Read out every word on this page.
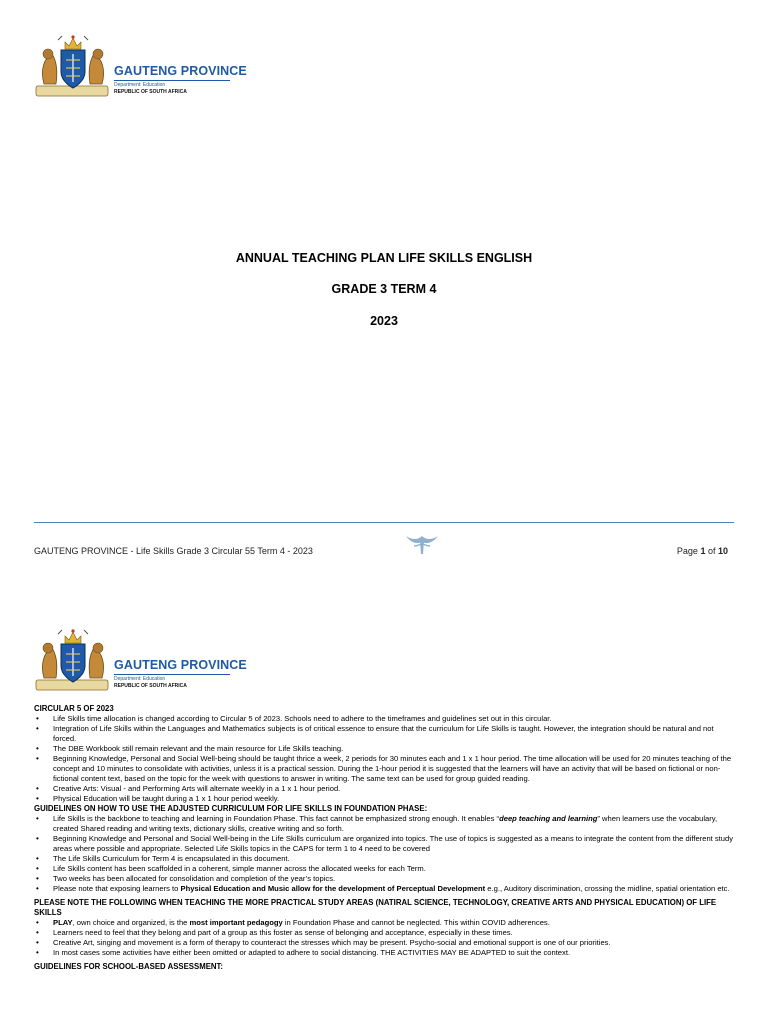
GAUTENG PROVINCE
Department: Education
REPUBLIC OF SOUTH AFRICA
ANNUAL TEACHING PLAN LIFE SKILLS ENGLISH
GRADE 3 TERM 4
2023
GAUTENG PROVINCE - Life Skills Grade 3 Circular 55 Term 4 - 2023	Page 1 of 10
GAUTENG PROVINCE
Department: Education
REPUBLIC OF SOUTH AFRICA

CIRCULAR 5 OF 2023

• Life Skills time allocation is changed according to Circular 5 of 2023. Schools need to adhere to the timeframes and guidelines set out in this circular.
• Integration of Life Skills within the Languages and Mathematics subjects is of critical essence to ensure that the curriculum for Life Skills is taught. However, the integration should be natural and not forced.
• The DBE Workbook still remain relevant and the main resource for Life Skills teaching.
• Beginning Knowledge, Personal and Social Well-being should be taught thrice a week, 2 periods for 30 minutes each and 1 x 1 hour period. The time allocation will be used for 20 minutes teaching of the concept and 10 minutes to consolidate with activities, unless it is a practical session. During the 1-hour period it is suggested that the learners will have an activity that will be based on fictional or non-fictional content text, based on the topic for the week with questions to answer in writing. The same text can be used for group guided reading.
• Creative Arts: Visual - and Performing Arts will alternate weekly in a 1 x 1 hour period.
• Physical Education will be taught during a 1 x 1 hour period weekly.

GUIDELINES ON HOW TO USE THE ADJUSTED CURRICULUM FOR LIFE SKILLS IN FOUNDATION PHASE:

• Life Skills is the backbone to teaching and learning in Foundation Phase. This fact cannot be emphasized strong enough. It enables “deep teaching and learning” when learners use the vocabulary, created Shared reading and writing texts, dictionary skills, creative writing and so forth.
• Beginning Knowledge and Personal and Social Well-being in the Life Skills curriculum are organized into topics. The use of topics is suggested as a means to integrate the content from the different study areas where possible and appropriate. Selected Life Skills topics in the CAPS for term 1 to 4 need to be covered
• The Life Skills Curriculum for Term 4 is encapsulated in this document.
• Life Skills content has been scaffolded in a coherent, simple manner across the allocated weeks for each Term.
• Two weeks has been allocated for consolidation and completion of the year’s topics.
• Please note that exposing learners to Physical Education and Music allow for the development of Perceptual Development e.g., Auditory discrimination, crossing the midline, spatial orientation etc.

PLEASE NOTE THE FOLLOWING WHEN TEACHING THE MORE PRACTICAL STUDY AREAS (NATIRAL SCIENCE, TECHNOLOGY, CREATIVE ARTS AND PHYSICAL EDUCATION) OF LIFE SKILLS

• PLAY, own choice and organized, is the most important pedagogy in Foundation Phase and cannot be neglected. This within COVID adherences.
• Learners need to feel that they belong and part of a group as this foster as sense of belonging and acceptance, especially in these times.
• Creative Art, singing and movement is a form of therapy to counteract the stresses which may be present. Psycho-social and emotional support is one of our priorities.
• In most cases some activities have either been omitted or adapted to adhere to social distancing. THE ACTIVITIES MAY BE ADAPTED to suit the context.

GUIDELINES FOR SCHOOL-BASED ASSESSMENT:
